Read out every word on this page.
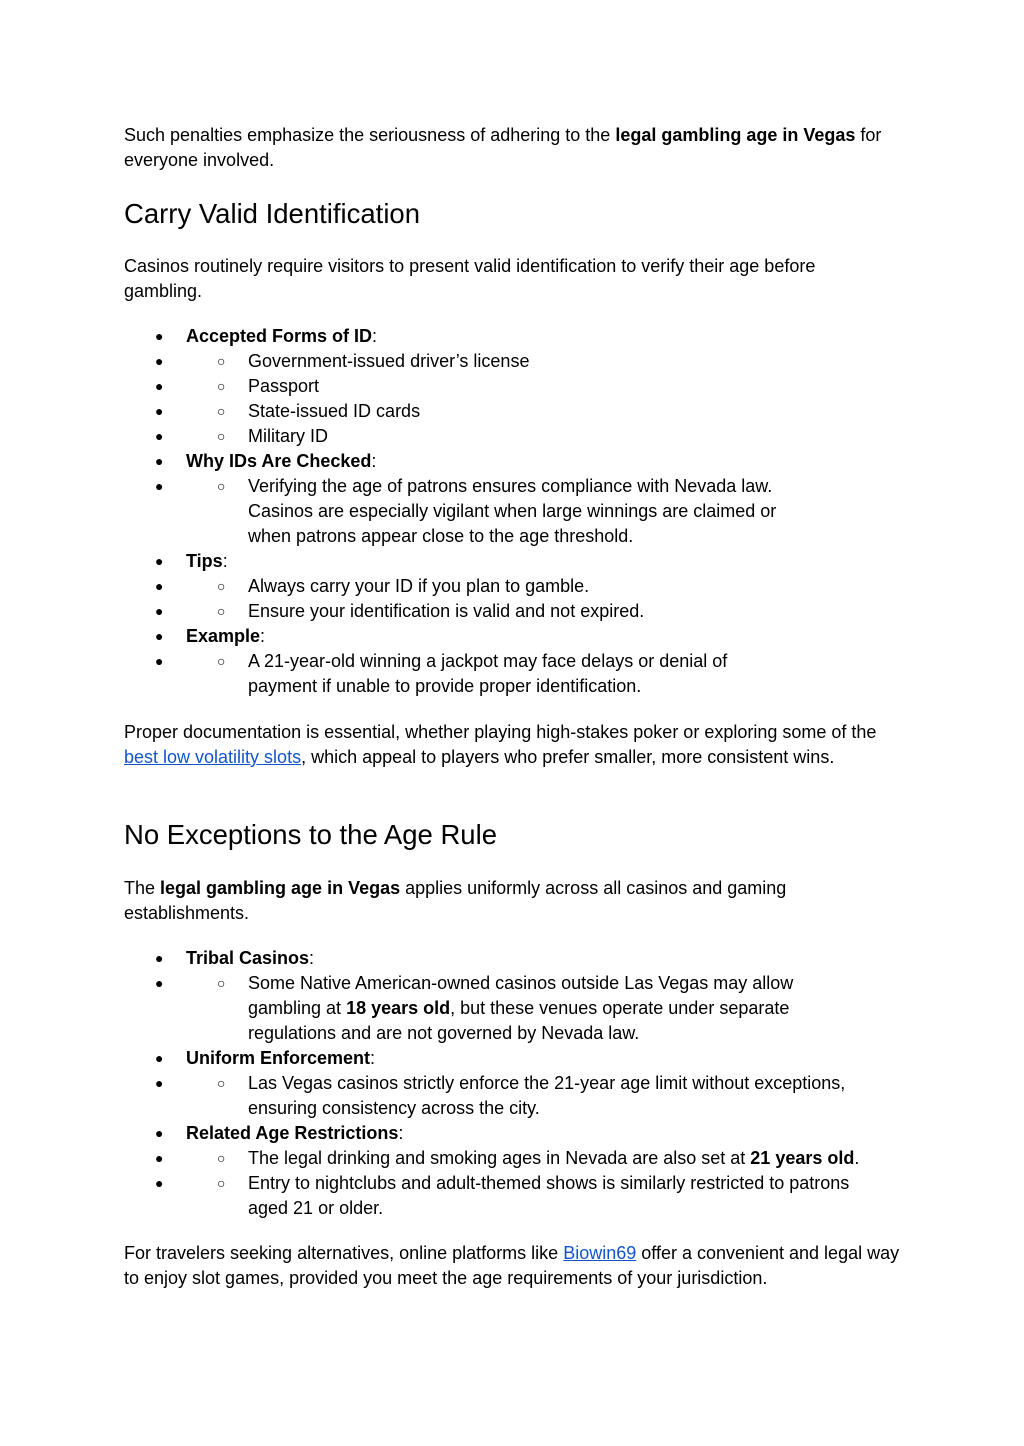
Such penalties emphasize the seriousness of adhering to the legal gambling age in Vegas for everyone involved.

Carry Valid Identification

Casinos routinely require visitors to present valid identification to verify their age before gambling.

● Accepted Forms of ID:
● ○ Government-issued driver’s license
● ○ Passport
● ○ State-issued ID cards
● ○ Military ID
● Why IDs Are Checked:
● ○ Verifying the age of patrons ensures compliance with Nevada law. Casinos are especially vigilant when large winnings are claimed or when patrons appear close to the age threshold.
● Tips:
● ○ Always carry your ID if you plan to gamble.
● ○ Ensure your identification is valid and not expired.
● Example:
● ○ A 21-year-old winning a jackpot may face delays or denial of payment if unable to provide proper identification.

Proper documentation is essential, whether playing high-stakes poker or exploring some of the best low volatility slots, which appeal to players who prefer smaller, more consistent wins.

No Exceptions to the Age Rule

The legal gambling age in Vegas applies uniformly across all casinos and gaming establishments.

● Tribal Casinos:
● ○ Some Native American-owned casinos outside Las Vegas may allow gambling at 18 years old, but these venues operate under separate regulations and are not governed by Nevada law.
● Uniform Enforcement:
● ○ Las Vegas casinos strictly enforce the 21-year age limit without exceptions, ensuring consistency across the city.
● Related Age Restrictions:
● ○ The legal drinking and smoking ages in Nevada are also set at 21 years old.
● ○ Entry to nightclubs and adult-themed shows is similarly restricted to patrons aged 21 or older.

For travelers seeking alternatives, online platforms like Biowin69 offer a convenient and legal way to enjoy slot games, provided you meet the age requirements of your jurisdiction.
